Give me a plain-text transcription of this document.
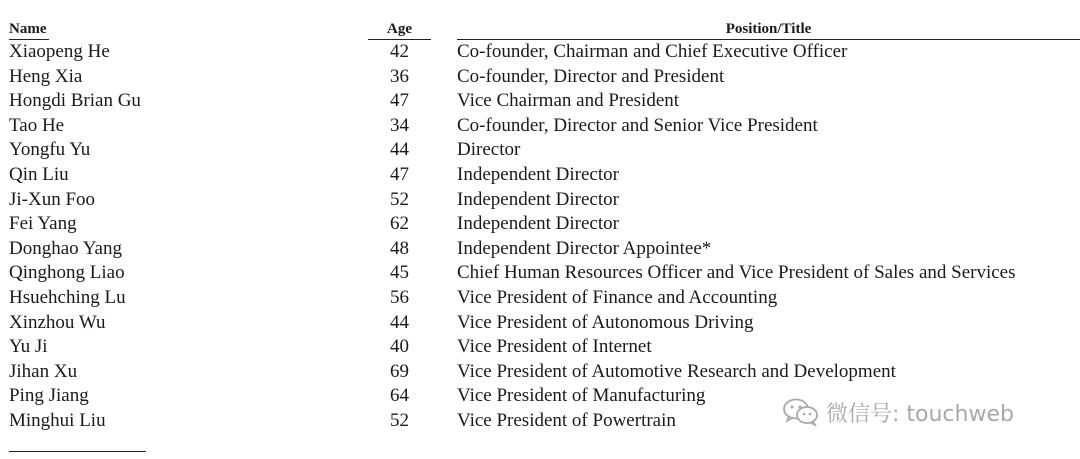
Name	Age	Position/Title
Xiaopeng He	42	Co-founder, Chairman and Chief Executive Officer
Heng Xia	36	Co-founder, Director and President
Hongdi Brian Gu	47	Vice Chairman and President
Tao He	34	Co-founder, Director and Senior Vice President
Yongfu Yu	44	Director
Qin Liu	47	Independent Director
Ji-Xun Foo	52	Independent Director
Fei Yang	62	Independent Director
Donghao Yang	48	Independent Director Appointee*
Qinghong Liao	45	Chief Human Resources Officer and Vice President of Sales and Services
Hsuehching Lu	56	Vice President of Finance and Accounting
Xinzhou Wu	44	Vice President of Autonomous Driving
Yu Ji	40	Vice President of Internet
Jihan Xu	69	Vice President of Automotive Research and Development
Ping Jiang	64	Vice President of Manufacturing
Minghui Liu	52	Vice President of Powertrain	微信号: touchweb
